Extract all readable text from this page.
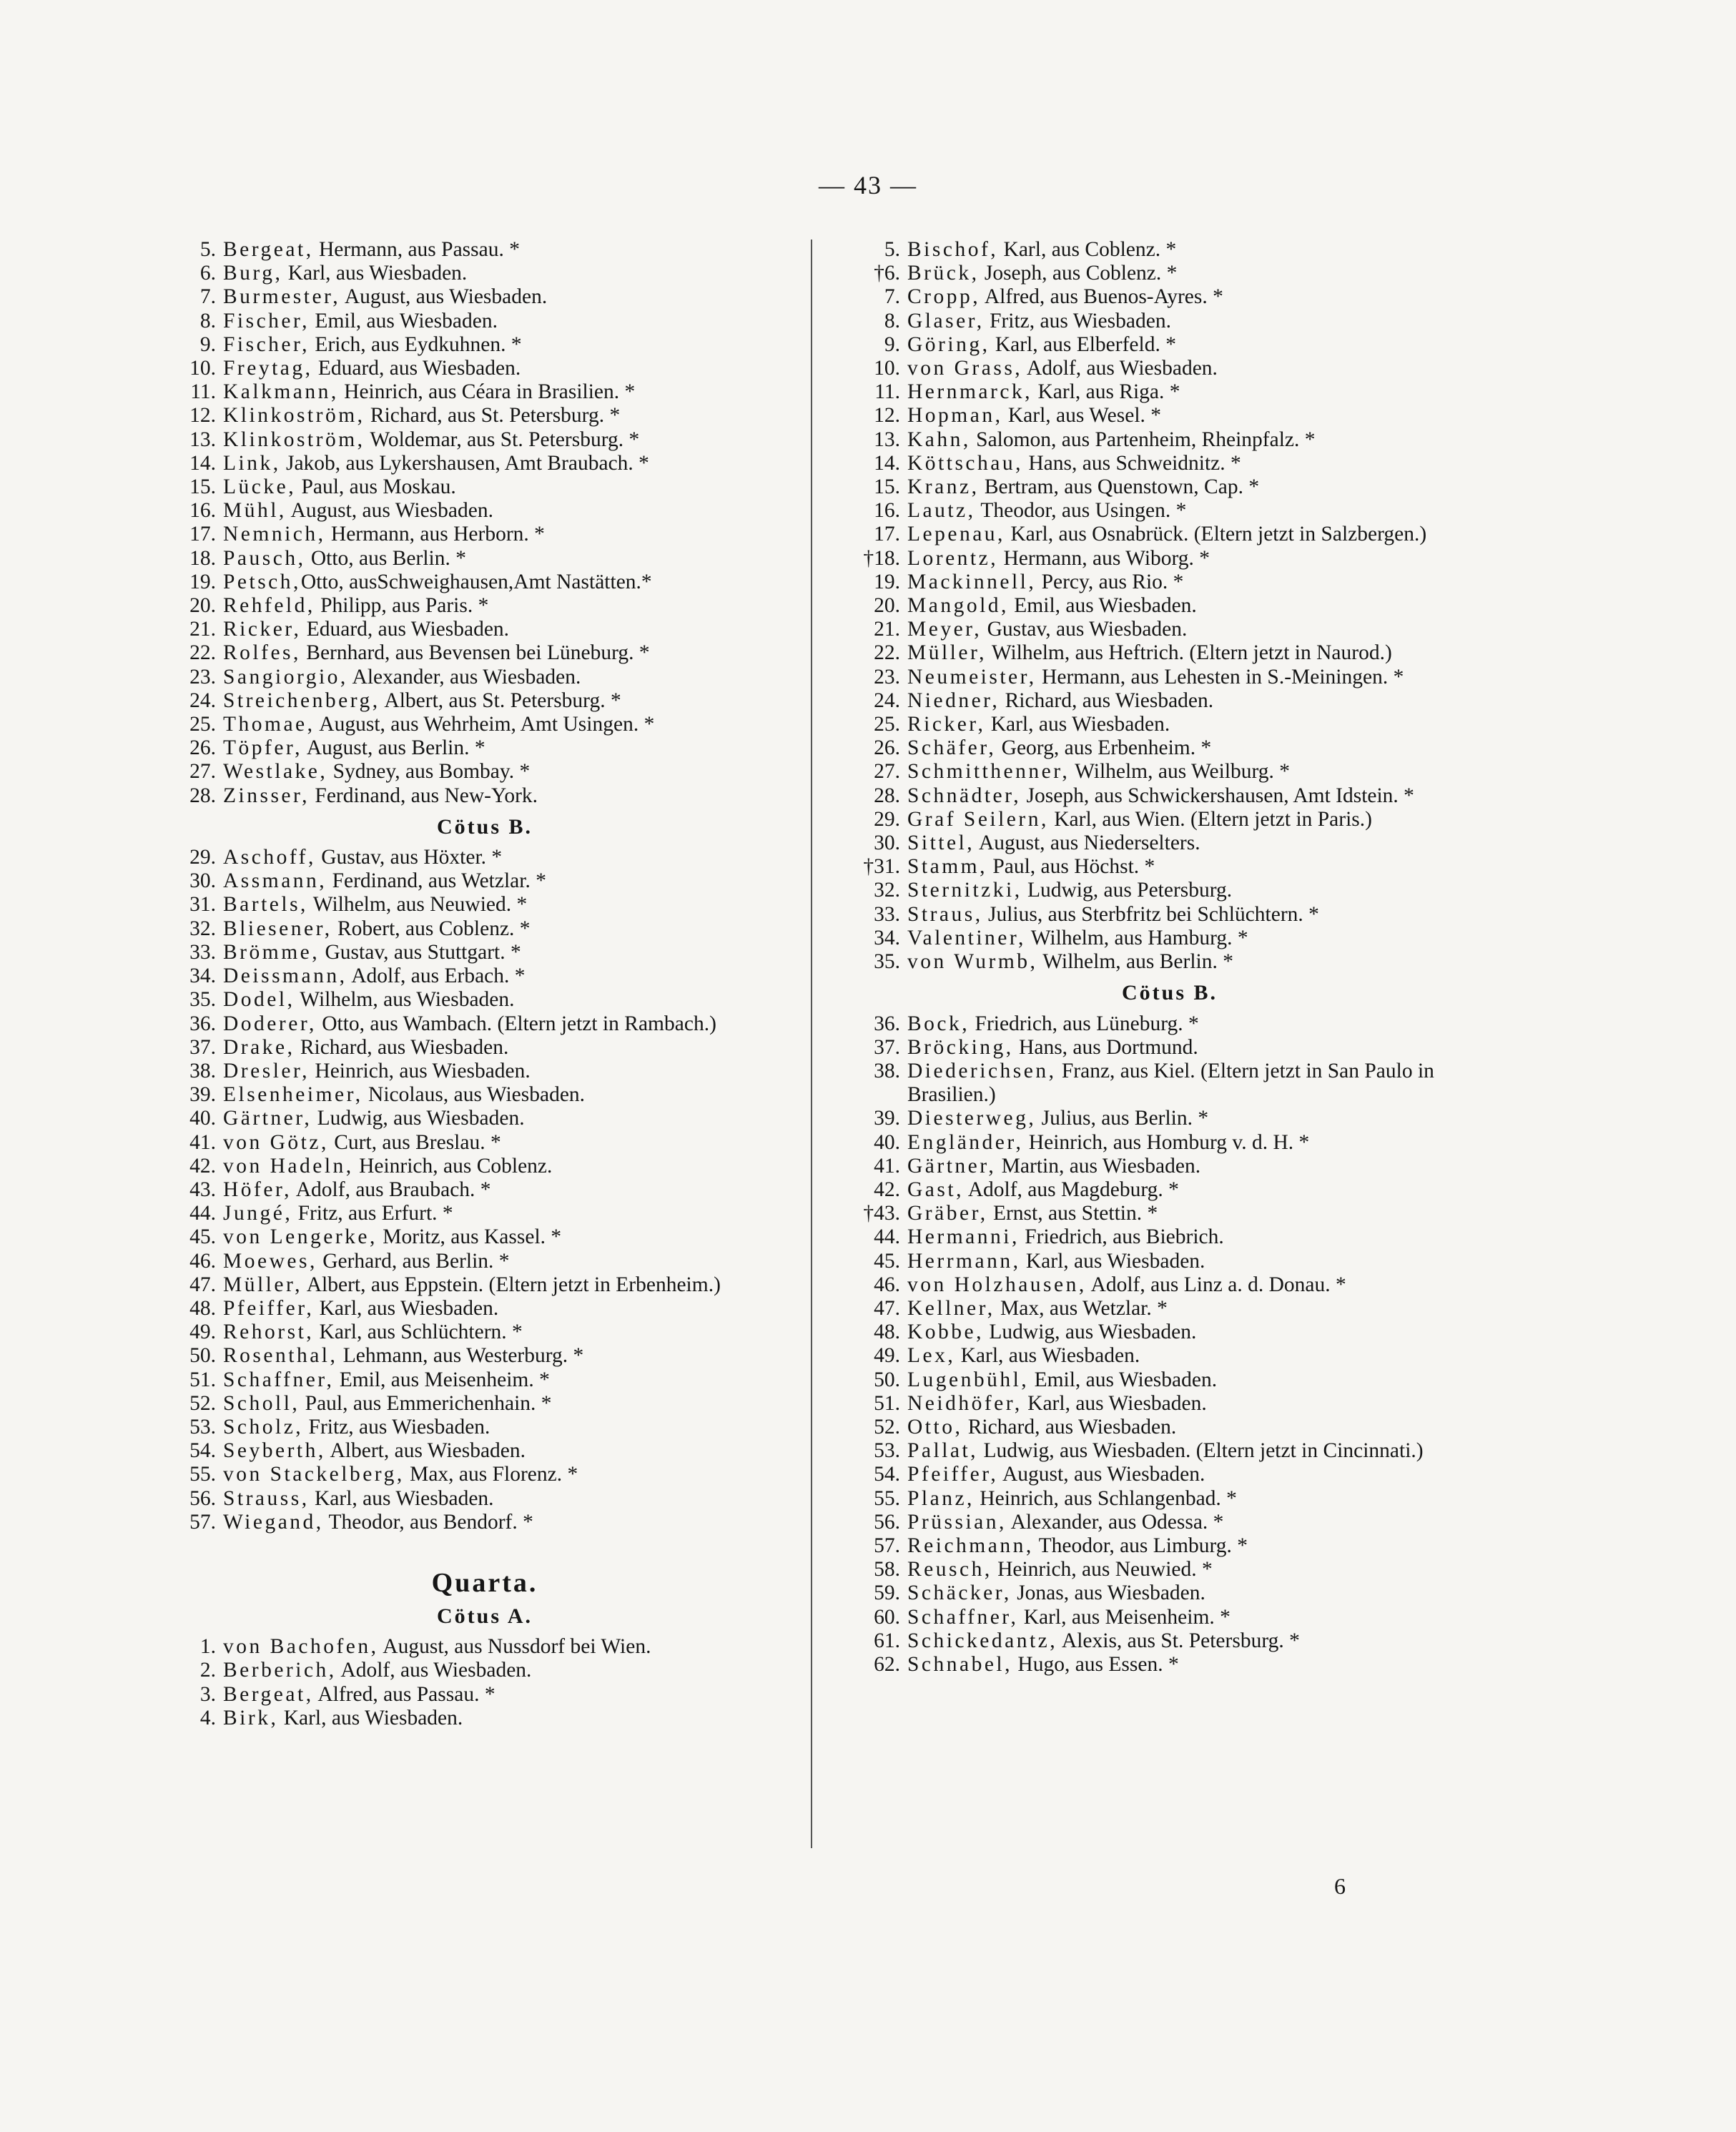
— 43 —
5. Bergeat, Hermann, aus Passau. *
6. Burg, Karl, aus Wiesbaden.
7. Burmester, August, aus Wiesbaden.
8. Fischer, Emil, aus Wiesbaden.
9. Fischer, Erich, aus Eydkuhnen. *
10. Freytag, Eduard, aus Wiesbaden.
11. Kalkmann, Heinrich, aus Céara in Brasilien. *
12. Klinkoström, Richard, aus St. Petersburg. *
13. Klinkoström, Woldemar, aus St. Petersburg. *
14. Link, Jakob, aus Lykershausen, Amt Braubach. *
15. Lücke, Paul, aus Moskau.
16. Mühl, August, aus Wiesbaden.
17. Nemnich, Hermann, aus Herborn. *
18. Pausch, Otto, aus Berlin. *
19. Petsch,Otto, ausSchweighausen,Amt Nastätten.*
20. Rehfeld, Philipp, aus Paris. *
21. Ricker, Eduard, aus Wiesbaden.
22. Rolfes, Bernhard, aus Bevensen bei Lüneburg. *
23. Sangiorgio, Alexander, aus Wiesbaden.
24. Streichenberg, Albert, aus St. Petersburg. *
25. Thomae, August, aus Wehrheim, Amt Usingen. *
26. Töpfer, August, aus Berlin. *
27. Westlake, Sydney, aus Bombay. *
28. Zinsser, Ferdinand, aus New-York.
Cötus B.
29. Aschoff, Gustav, aus Höxter. *
30. Assmann, Ferdinand, aus Wetzlar. *
31. Bartels, Wilhelm, aus Neuwied. *
32. Bliesener, Robert, aus Coblenz. *
33. Brömme, Gustav, aus Stuttgart. *
34. Deissmann, Adolf, aus Erbach. *
35. Dodel, Wilhelm, aus Wiesbaden.
36. Doderer, Otto, aus Wambach. (Eltern jetzt in Rambach.)
37. Drake, Richard, aus Wiesbaden.
38. Dresler, Heinrich, aus Wiesbaden.
39. Elsenheimer, Nicolaus, aus Wiesbaden.
40. Gärtner, Ludwig, aus Wiesbaden.
41. von Götz, Curt, aus Breslau. *
42. von Hadeln, Heinrich, aus Coblenz.
43. Höfer, Adolf, aus Braubach. *
44. Jungé, Fritz, aus Erfurt. *
45. von Lengerke, Moritz, aus Kassel. *
46. Moewes, Gerhard, aus Berlin. *
47. Müller, Albert, aus Eppstein. (Eltern jetzt in Erbenheim.)
48. Pfeiffer, Karl, aus Wiesbaden.
49. Rehorst, Karl, aus Schlüchtern. *
50. Rosenthal, Lehmann, aus Westerburg. *
51. Schaffner, Emil, aus Meisenheim. *
52. Scholl, Paul, aus Emmerichenhain. *
53. Scholz, Fritz, aus Wiesbaden.
54. Seyberth, Albert, aus Wiesbaden.
55. von Stackelberg, Max, aus Florenz. *
56. Strauss, Karl, aus Wiesbaden.
57. Wiegand, Theodor, aus Bendorf. *
Quarta.
Cötus A.
1. von Bachofen, August, aus Nussdorf bei Wien.
2. Berberich, Adolf, aus Wiesbaden.
3. Bergeat, Alfred, aus Passau. *
4. Birk, Karl, aus Wiesbaden.
5. Bischof, Karl, aus Coblenz. *
†6. Brück, Joseph, aus Coblenz. *
7. Cropp, Alfred, aus Buenos-Ayres. *
8. Glaser, Fritz, aus Wiesbaden.
9. Göring, Karl, aus Elberfeld. *
10. von Grass, Adolf, aus Wiesbaden.
11. Hernmarck, Karl, aus Riga. *
12. Hopman, Karl, aus Wesel. *
13. Kahn, Salomon, aus Partenheim, Rheinpfalz. *
14. Köttschau, Hans, aus Schweidnitz. *
15. Kranz, Bertram, aus Quenstown, Cap. *
16. Lautz, Theodor, aus Usingen. *
17. Lepenau, Karl, aus Osnabrück. (Eltern jetzt in Salzbergen.)
†18. Lorentz, Hermann, aus Wiborg. *
19. Mackinnell, Percy, aus Rio. *
20. Mangold, Emil, aus Wiesbaden.
21. Meyer, Gustav, aus Wiesbaden.
22. Müller, Wilhelm, aus Heftrich. (Eltern jetzt in Naurod.)
23. Neumeister, Hermann, aus Lehesten in S.-Meiningen. *
24. Niedner, Richard, aus Wiesbaden.
25. Ricker, Karl, aus Wiesbaden.
26. Schäfer, Georg, aus Erbenheim. *
27. Schmitthenner, Wilhelm, aus Weilburg. *
28. Schnädter, Joseph, aus Schwickershausen, Amt Idstein. *
29. Graf Seilern, Karl, aus Wien. (Eltern jetzt in Paris.)
30. Sittel, August, aus Niederselters.
†31. Stamm, Paul, aus Höchst. *
32. Sternitzki, Ludwig, aus Petersburg.
33. Straus, Julius, aus Sterbfritz bei Schlüchtern. *
34. Valentiner, Wilhelm, aus Hamburg. *
35. von Wurmb, Wilhelm, aus Berlin. *
Cötus B.
36. Bock, Friedrich, aus Lüneburg. *
37. Bröcking, Hans, aus Dortmund.
38. Diederichsen, Franz, aus Kiel. (Eltern jetzt in San Paulo in Brasilien.)
39. Diesterweg, Julius, aus Berlin. *
40. Engländer, Heinrich, aus Homburg v. d. H. *
41. Gärtner, Martin, aus Wiesbaden.
42. Gast, Adolf, aus Magdeburg. *
†43. Gräber, Ernst, aus Stettin. *
44. Hermanni, Friedrich, aus Biebrich.
45. Herrmann, Karl, aus Wiesbaden.
46. von Holzhausen, Adolf, aus Linz a. d. Donau. *
47. Kellner, Max, aus Wetzlar. *
48. Kobbe, Ludwig, aus Wiesbaden.
49. Lex, Karl, aus Wiesbaden.
50. Lugenbühl, Emil, aus Wiesbaden.
51. Neidhöfer, Karl, aus Wiesbaden.
52. Otto, Richard, aus Wiesbaden.
53. Pallat, Ludwig, aus Wiesbaden. (Eltern jetzt in Cincinnati.)
54. Pfeiffer, August, aus Wiesbaden.
55. Planz, Heinrich, aus Schlangenbad. *
56. Prüssian, Alexander, aus Odessa. *
57. Reichmann, Theodor, aus Limburg. *
58. Reusch, Heinrich, aus Neuwied. *
59. Schäcker, Jonas, aus Wiesbaden.
60. Schaffner, Karl, aus Meisenheim. *
61. Schickedantz, Alexis, aus St. Petersburg. *
62. Schnabel, Hugo, aus Essen. *
6
